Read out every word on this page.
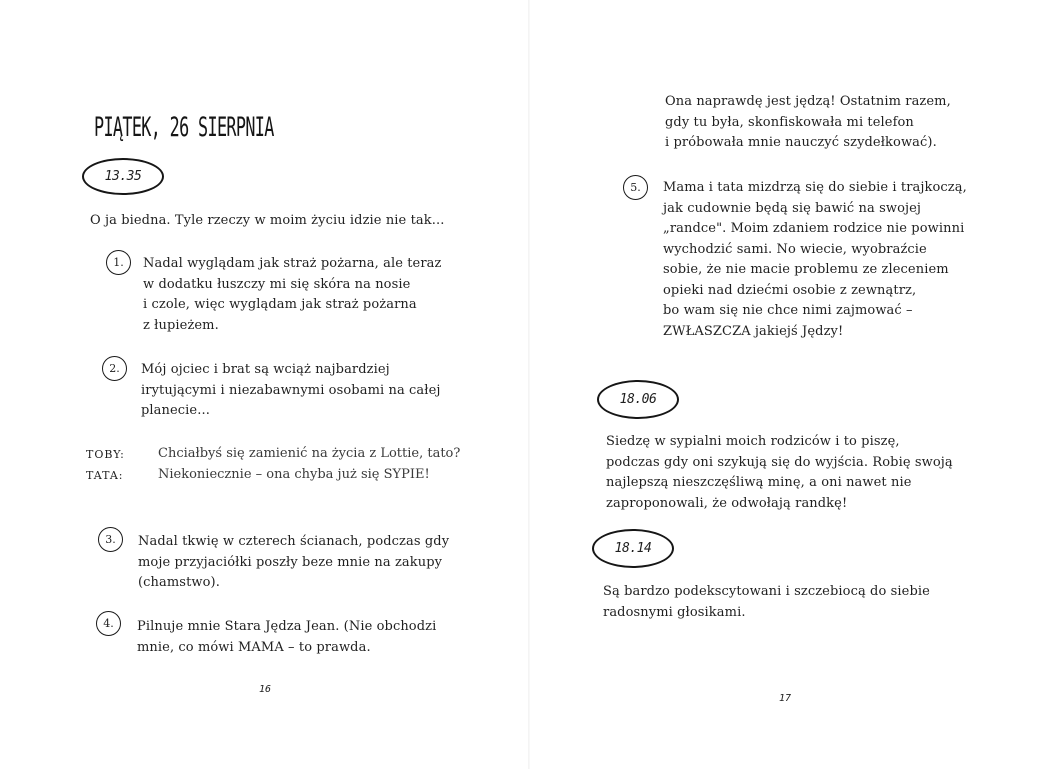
PIĄTEK, 26 SIERPNIA
13.35
O ja biedna. Tyle rzeczy w moim życiu idzie nie tak...
1.	Nadal wyglądam jak straż pożarna, ale teraz
w dodatku łuszczy mi się skóra na nosie
i czole, więc wyglądam jak straż pożarna
z łupieżem.
2.	Mój ojciec i brat są wciąż najbardziej
irytującymi i niezabawnymi osobami na całej
planecie...
TOBY:	Chciałbyś się zamienić na życia z Lottie, tato?
TATA:	Niekoniecznie – ona chyba już się SYPIE!
3.	Nadal tkwię w czterech ścianach, podczas gdy
moje przyjaciółki poszły beze mnie na zakupy
(chamstwo).
4.	Pilnuje mnie Stara Jędza Jean. (Nie obchodzi
mnie, co mówi MAMA – to prawda.
16
Ona naprawdę jest jędzą! Ostatnim razem,
gdy tu była, skonfiskowała mi telefon
i próbowała mnie nauczyć szydełkować).
5.	Mama i tata mizdrzą się do siebie i trajkoczą,
jak cudownie będą się bawić na swojej
„randce". Moim zdaniem rodzice nie powinni
wychodzić sami. No wiecie, wyobraźcie
sobie, że nie macie problemu ze zleceniem
opieki nad dziećmi osobie z zewnątrz,
bo wam się nie chce nimi zajmować –
ZWŁASZCZA jakiejś Jędzy!
18.06
Siedzę w sypialni moich rodziców i to piszę,
podczas gdy oni szykują się do wyjścia. Robię swoją
najlepszą nieszczęśliwą minę, a oni nawet nie
zaproponowali, że odwołają randkę!
18.14
Są bardzo podekscytowani i szczebiocą do siebie
radosnymi głosikami.
17
